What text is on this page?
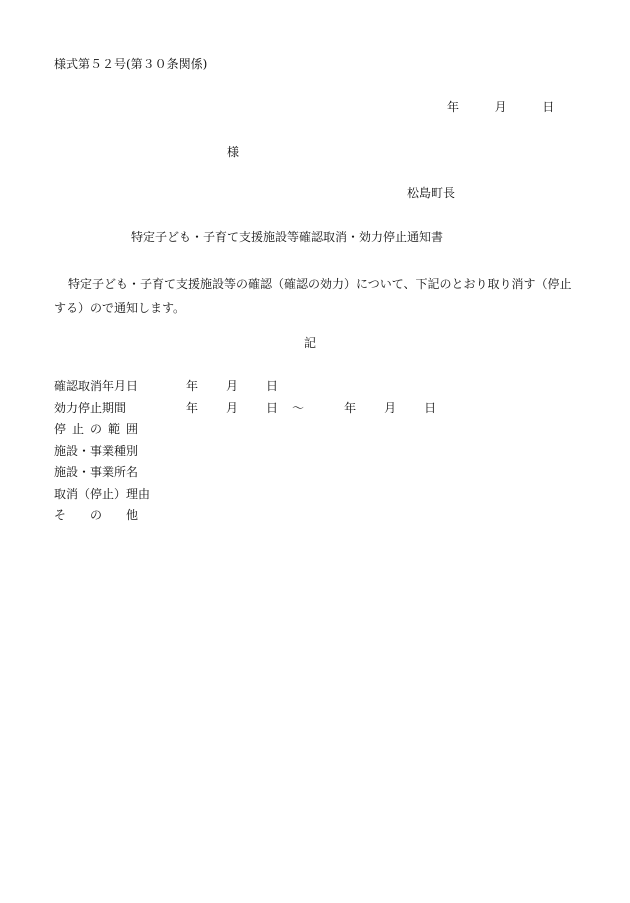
様式第５２号(第３０条関係)
年	月	日
様
松島町長
特定子ども・子育て支援施設等確認取消・効力停止通知書
特定子ども・子育て支援施設等の確認（確認の効力）について、下記のとおり取り消す（停止する）ので通知します。
記
確認取消年月日	年 月 日
効力停止期間	年 月 日 〜	年 月 日
停止の範囲
施設・事業種別
施設・事業所名
取消（停止）理由
そ　　の　　他
